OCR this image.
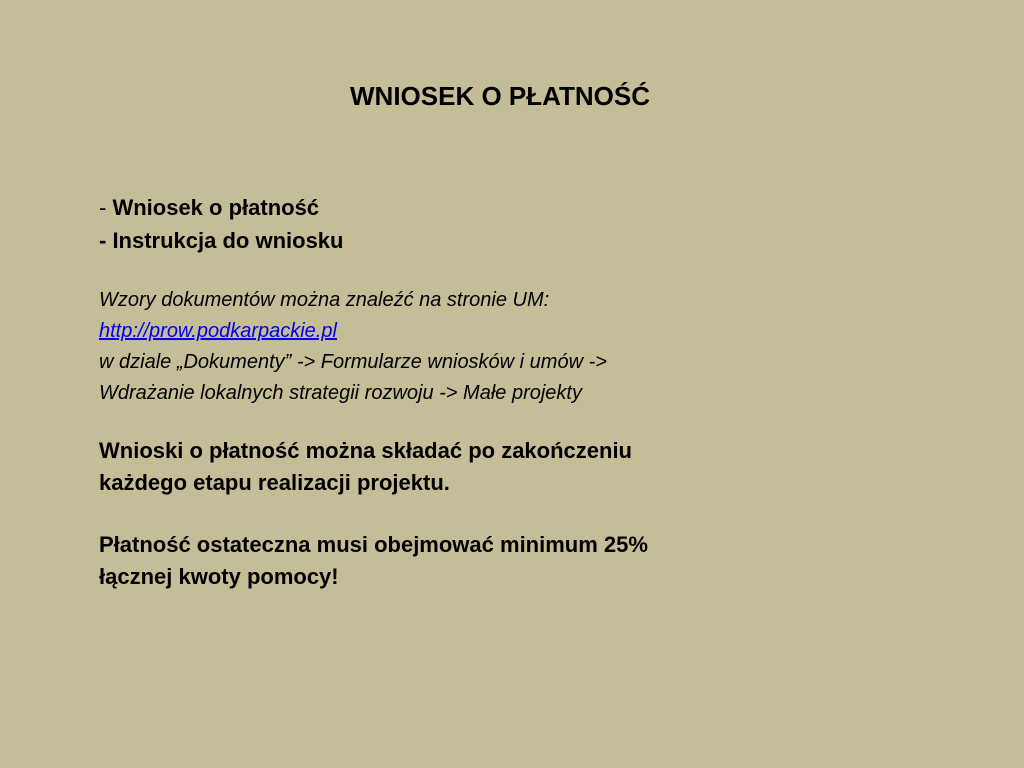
WNIOSEK O PŁATNOŚĆ
- Wniosek o płatność
- Instrukcja do wniosku
Wzory dokumentów można znaleźć na stronie UM:
http://prow.podkarpackie.pl
w dziale „Dokumenty” -> Formularze wniosków i umów ->
Wdrażanie lokalnych strategii rozwoju -> Małe projekty
Wnioski o płatność można składać po zakończeniu
każdego etapu realizacji projektu.
Płatność ostateczna musi obejmować minimum 25%
łącznej kwoty pomocy!
